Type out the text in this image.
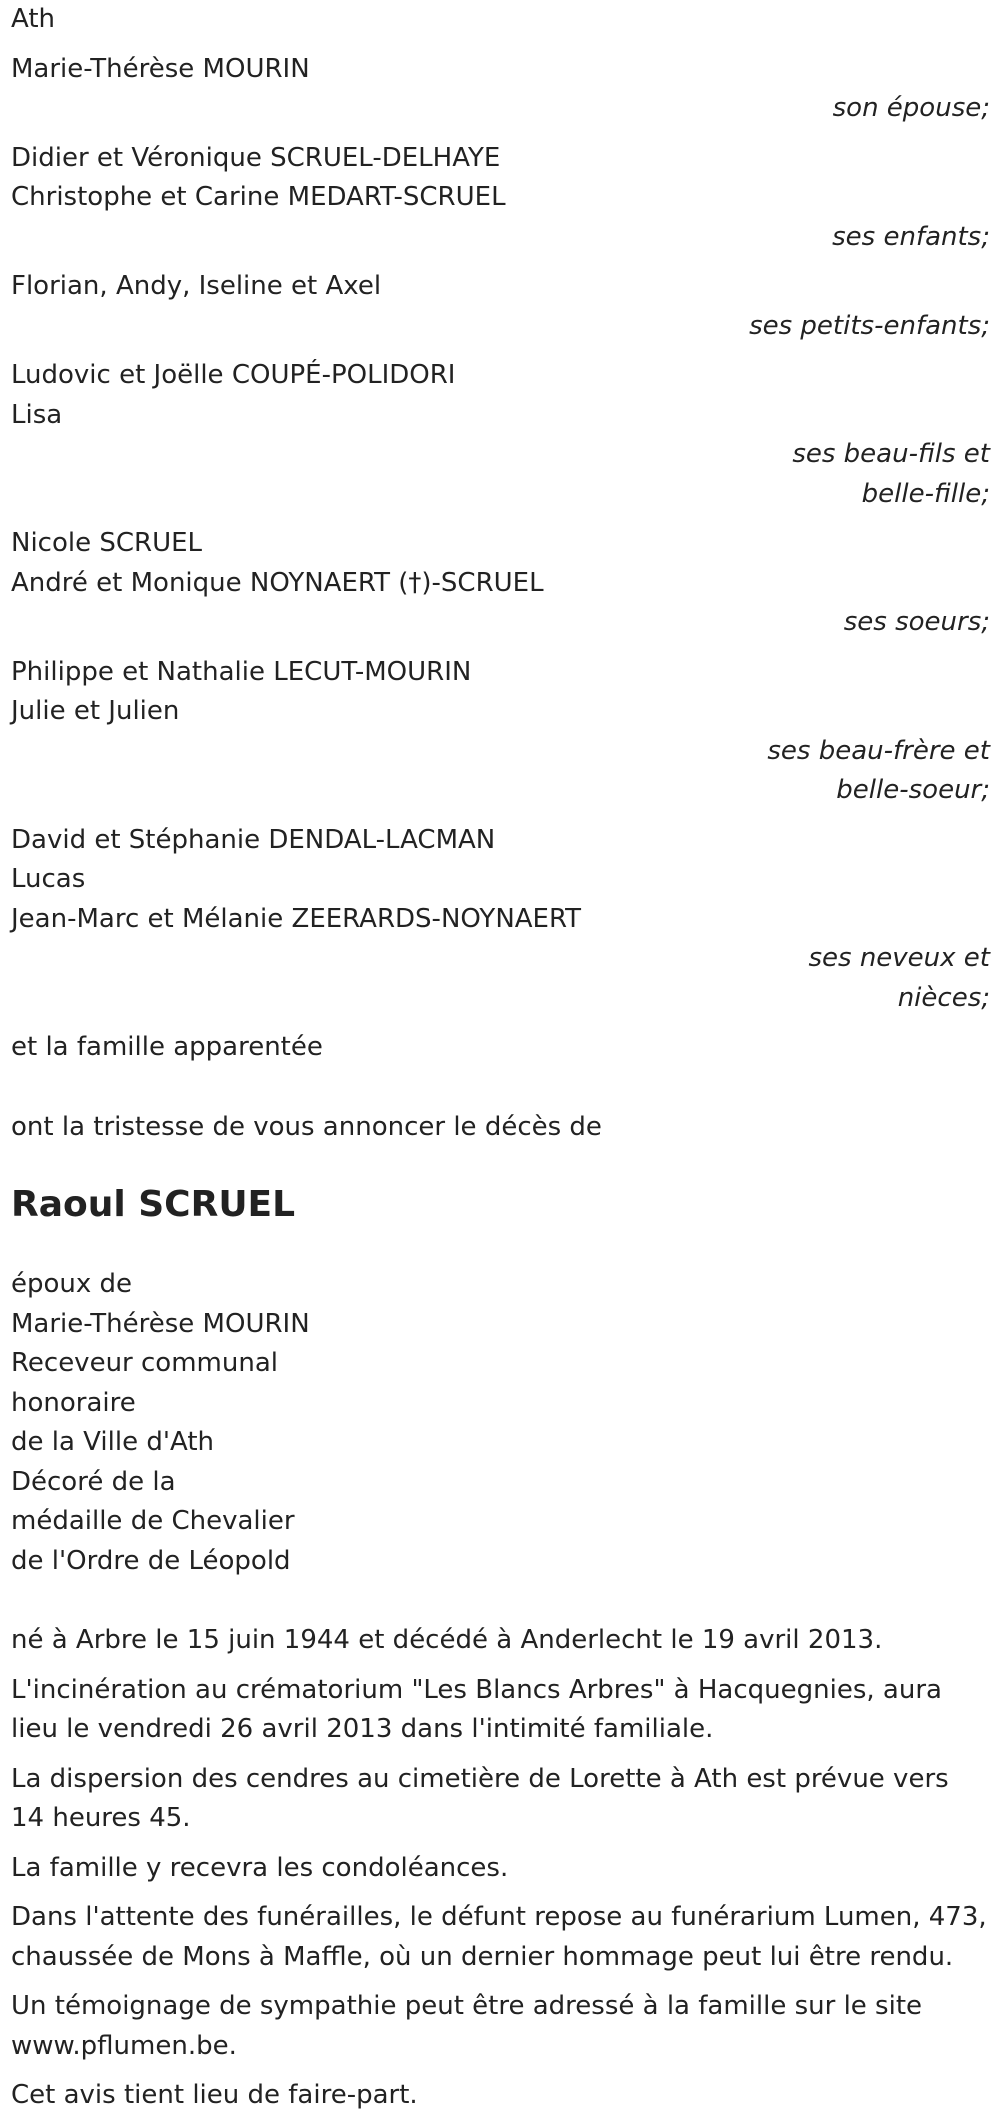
Ath
Marie-Thérèse MOURIN
son épouse;
Didier et Véronique SCRUEL-DELHAYE
Christophe et Carine MEDART-SCRUEL
ses enfants;
Florian, Andy, Iseline et Axel
ses petits-enfants;
Ludovic et Joëlle COUPÉ-POLIDORI
Lisa
ses beau-fils et
belle-fille;
Nicole SCRUEL
André et Monique NOYNAERT (†)-SCRUEL
ses soeurs;
Philippe et Nathalie LECUT-MOURIN
Julie et Julien
ses beau-frère et
belle-soeur;
David et Stéphanie DENDAL-LACMAN
Lucas
Jean-Marc et Mélanie ZEERARDS-NOYNAERT
ses neveux et
nièces;
et la famille apparentée
ont la tristesse de vous annoncer le décès de
Raoul SCRUEL
époux de
Marie-Thérèse MOURIN
Receveur communal
honoraire
de la Ville d'Ath
Décoré de la
médaille de Chevalier
de l'Ordre de Léopold

né à Arbre le 15 juin 1944 et décédé à Anderlecht le 19 avril 2013.

L'incinération au crématorium "Les Blancs Arbres" à Hacquegnies, aura lieu le vendredi 26 avril 2013 dans l'intimité familiale.

La dispersion des cendres au cimetière de Lorette à Ath est prévue vers 14 heures 45.

La famille y recevra les condoléances.

Dans l'attente des funérailles, le défunt repose au funérarium Lumen, 473, chaussée de Mons à Maffle, où un dernier hommage peut lui être rendu.

Un témoignage de sympathie peut être adressé à la famille sur le site www.pflumen.be.

Cet avis tient lieu de faire-part.
